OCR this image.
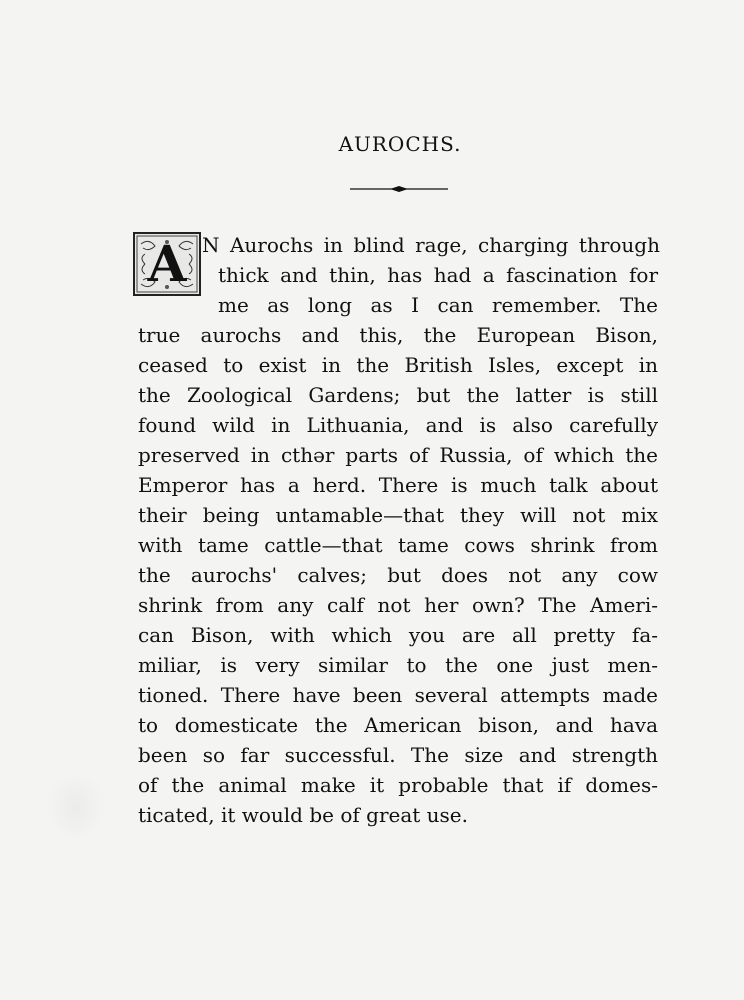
AUROCHS.
A N Aurochs in blind rage, charging through
thick and thin, has had a fascination for
me as long as I can remember. The
true aurochs and this, the European Bison,
ceased to exist in the British Isles, except in
the Zoological Gardens; but the latter is still
found wild in Lithuania, and is also carefully
preserved in cthər parts of Russia, of which the
Emperor has a herd. There is much talk about
their being untamable—that they will not mix
with tame cattle—that tame cows shrink from
the aurochs' calves; but does not any cow
shrink from any calf not her own? The Ameri-
can Bison, with which you are all pretty fa-
miliar, is very similar to the one just men-
tioned. There have been several attempts made
to domesticate the American bison, and hava
been so far successful. The size and strength
of the animal make it probable that if domes-
ticated, it would be of great use.
